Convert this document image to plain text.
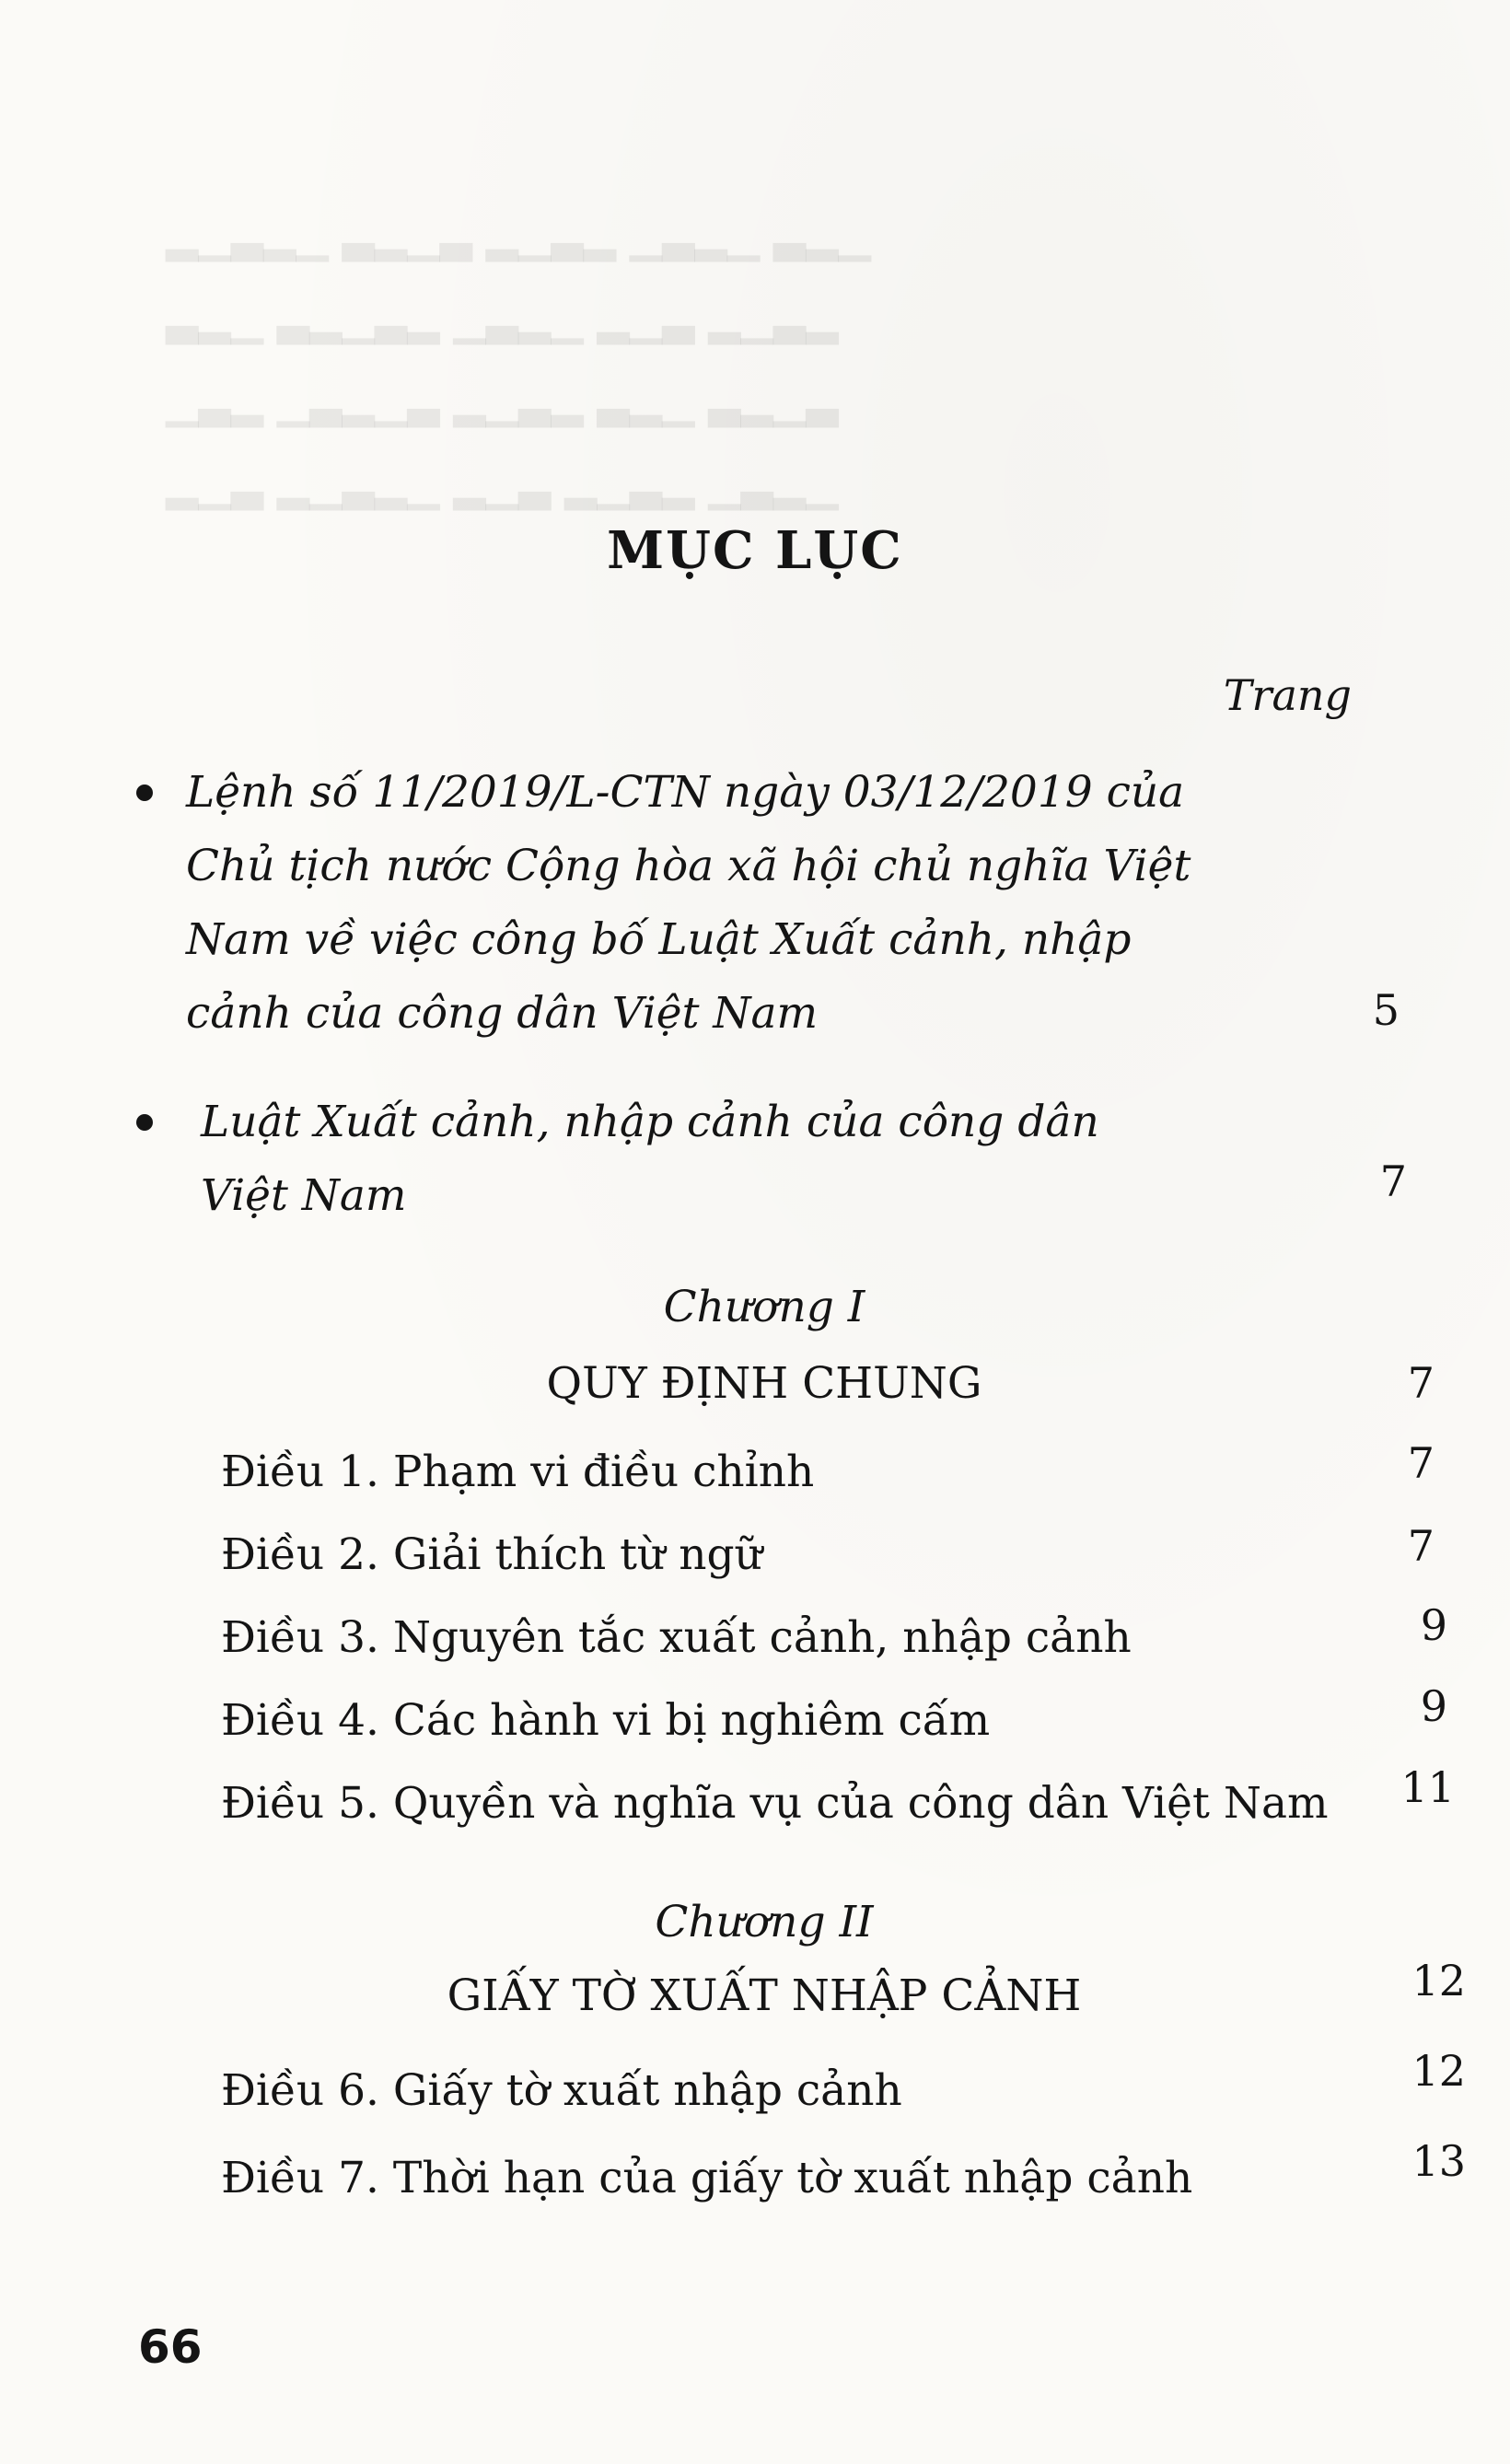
▁▂▃ ▁▂▃▁ ▂▃▁▂ ▃▁▂▃ ▁▂▃▁▂
▂▃▁▂ ▃▁▂ ▁▂▃▁ ▂▃▁▂▃ ▁▂▃
▃▁▂▃ ▁▂▃ ▂▃▁▂ ▃▁▂▃▁ ▂▃▁
▁▂▃▁ ▂▃▁▂ ▃▁▂ ▁▂▃▁▂ ▃▁▂
MỤC LỤC
Trang
Lệnh số 11/2019/L-CTN ngày 03/12/2019 của
Chủ tịch nước Cộng hòa xã hội chủ nghĩa Việt
Nam về việc công bố Luật Xuất cảnh, nhập
cảnh của công dân Việt Nam	5
Luật Xuất cảnh, nhập cảnh của công dân
Việt Nam	7
Chương I
QUY ĐỊNH CHUNG	7
Điều 1. Phạm vi điều chỉnh	7
Điều 2. Giải thích từ ngữ	7
Điều 3. Nguyên tắc xuất cảnh, nhập cảnh	9
Điều 4. Các hành vi bị nghiêm cấm	9
Điều 5. Quyền và nghĩa vụ của công dân Việt Nam	11
Chương II
GIẤY TỜ XUẤT NHẬP CẢNH	12
Điều 6. Giấy tờ xuất nhập cảnh	12
Điều 7. Thời hạn của giấy tờ xuất nhập cảnh	13
66
